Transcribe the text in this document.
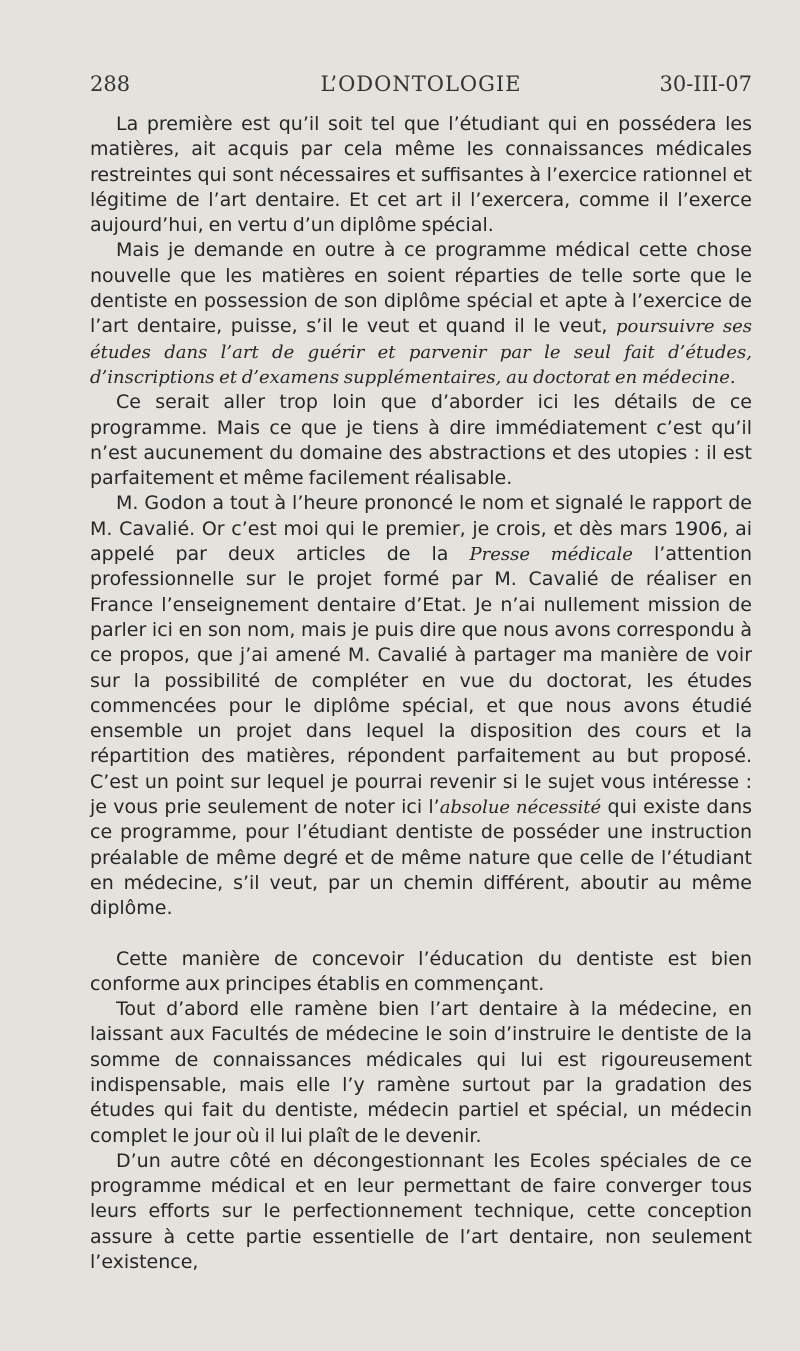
288	L’ODONTOLOGIE	30-III-07

La première est qu’il soit tel que l’étudiant qui en possédera les matières, ait acquis par cela même les connaissances médicales restreintes qui sont nécessaires et suffisantes à l’exercice rationnel et légitime de l’art dentaire. Et cet art il l’exercera, comme il l’exerce aujourd’hui, en vertu d’un diplôme spécial.

Mais je demande en outre à ce programme médical cette chose nouvelle que les matières en soient réparties de telle sorte que le dentiste en possession de son diplôme spécial et apte à l’exercice de l’art dentaire, puisse, s’il le veut et quand il le veut, poursuivre ses études dans l’art de guérir et parvenir par le seul fait d’études, d’inscriptions et d’examens supplémentaires, au doctorat en médecine.

Ce serait aller trop loin que d’aborder ici les détails de ce programme. Mais ce que je tiens à dire immédiatement c’est qu’il n’est aucunement du domaine des abstractions et des utopies : il est parfaitement et même facilement réalisable.

M. Godon a tout à l’heure prononcé le nom et signalé le rapport de M. Cavalié. Or c’est moi qui le premier, je crois, et dès mars 1906, ai appelé par deux articles de la Presse médicale l’attention professionnelle sur le projet formé par M. Cavalié de réaliser en France l’enseignement dentaire d’Etat. Je n’ai nullement mission de parler ici en son nom, mais je puis dire que nous avons correspondu à ce propos, que j’ai amené M. Cavalié à partager ma manière de voir sur la possibilité de compléter en vue du doctorat, les études commencées pour le diplôme spécial, et que nous avons étudié ensemble un projet dans lequel la disposition des cours et la répartition des matières, répondent parfaitement au but proposé. C’est un point sur lequel je pourrai revenir si le sujet vous intéresse : je vous prie seulement de noter ici l’absolue nécessité qui existe dans ce programme, pour l’étudiant dentiste de posséder une instruction préalable de même degré et de même nature que celle de l’étudiant en médecine, s’il veut, par un chemin différent, aboutir au même diplôme.

Cette manière de concevoir l’éducation du dentiste est bien conforme aux principes établis en commençant.

Tout d’abord elle ramène bien l’art dentaire à la médecine, en laissant aux Facultés de médecine le soin d’instruire le dentiste de la somme de connaissances médicales qui lui est rigoureusement indispensable, mais elle l’y ramène surtout par la gradation des études qui fait du dentiste, médecin partiel et spécial, un médecin complet le jour où il lui plaît de le devenir.

D’un autre côté en décongestionnant les Ecoles spéciales de ce programme médical et en leur permettant de faire converger tous leurs efforts sur le perfectionnement technique, cette conception assure à cette partie essentielle de l’art dentaire, non seulement l’existence,
